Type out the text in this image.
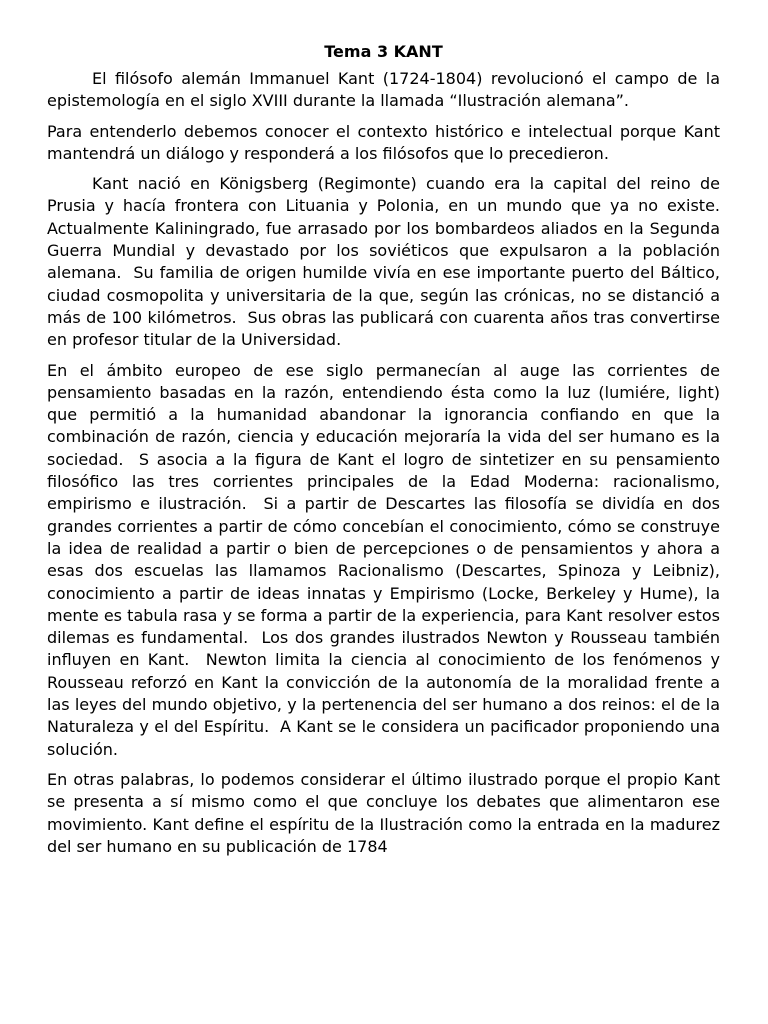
Tema 3 KANT

El filósofo alemán Immanuel Kant (1724-1804) revolucionó el campo de la epistemología en el siglo XVIII durante la llamada “Ilustración alemana”.

Para entenderlo debemos conocer el contexto histórico e intelectual porque Kant mantendrá un diálogo y responderá a los filósofos que lo precedieron.

Kant nació en Königsberg (Regimonte) cuando era la capital del reino de Prusia y hacía frontera con Lituania y Polonia, en un mundo que ya no existe.  Actualmente Kaliningrado, fue arrasado por los bombardeos aliados en la Segunda Guerra Mundial y devastado por los soviéticos que expulsaron a la población alemana.  Su familia de origen humilde vivía en ese importante puerto del Báltico, ciudad cosmopolita y universitaria de la que, según las crónicas, no se distanció a más de 100 kilómetros.  Sus obras las publicará con cuarenta años tras convertirse en profesor titular de la Universidad.

En el ámbito europeo de ese siglo permanecían al auge las corrientes de pensamiento basadas en la razón, entendiendo ésta como la luz (lumiére, light) que permitió a la humanidad abandonar la ignorancia confiando en que la combinación de razón, ciencia y educación mejoraría la vida del ser humano es la sociedad.  S asocia a la figura de Kant el logro de sintetizer en su pensamiento filosófico las tres corrientes principales de la Edad Moderna: racionalismo, empirismo e ilustración.  Si a partir de Descartes las filosofía se dividía en dos grandes corrientes a partir de cómo concebían el conocimiento, cómo se construye la idea de realidad a partir o bien de percepciones o de pensamientos y ahora a esas dos escuelas las llamamos Racionalismo (Descartes, Spinoza y Leibniz), conocimiento a partir de ideas innatas y Empirismo (Locke, Berkeley y Hume), la mente es tabula rasa y se forma a partir de la experiencia, para Kant resolver estos dilemas es fundamental.  Los dos grandes ilustrados Newton y Rousseau también influyen en Kant.  Newton limita la ciencia al conocimiento de los fenómenos y Rousseau reforzó en Kant la convicción de la autonomía de la moralidad frente a las leyes del mundo objetivo, y la pertenencia del ser humano a dos reinos: el de la Naturaleza y el del Espíritu.  A Kant se le considera un pacificador proponiendo una solución.

En otras palabras, lo podemos considerar el último ilustrado porque el propio Kant se presenta a sí mismo como el que concluye los debates que alimentaron ese movimiento. Kant define el espíritu de la Ilustración como la entrada en la madurez del ser humano en su publicación de 1784
